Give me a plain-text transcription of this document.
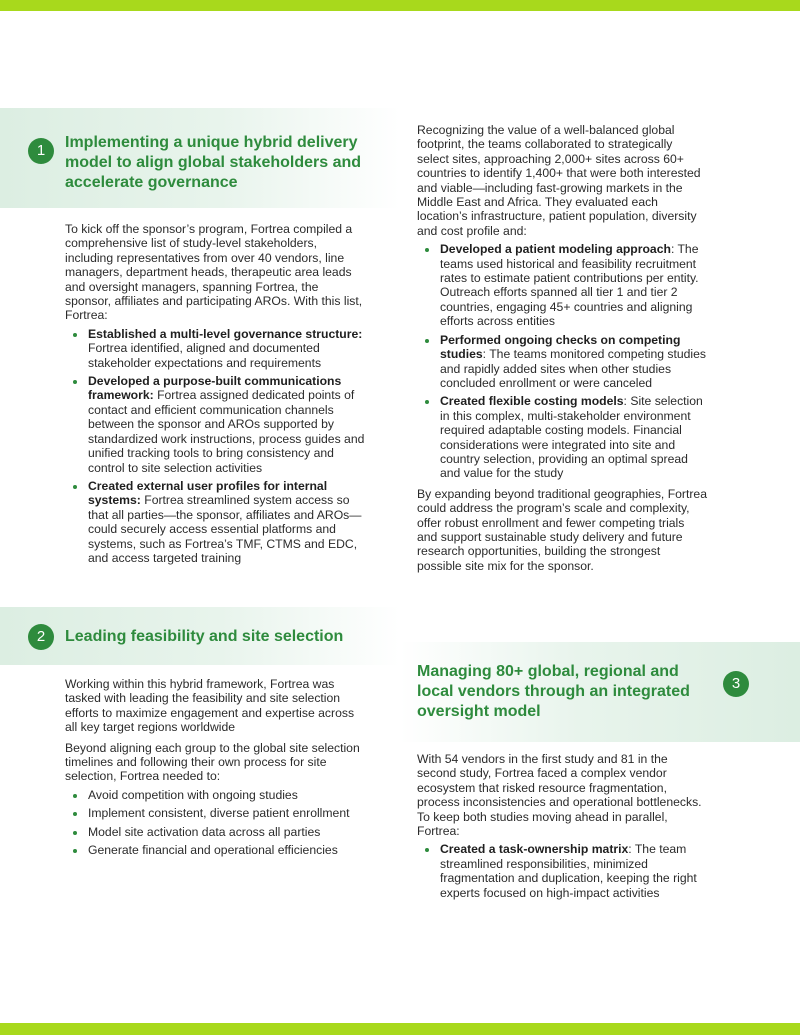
1	Implementing a unique hybrid delivery model to align global stakeholders and accelerate governance

To kick off the sponsor’s program, Fortrea compiled a comprehensive list of study-level stakeholders, including representatives from over 40 vendors, line managers, department heads, therapeutic area leads and oversight managers, spanning Fortrea, the sponsor, affiliates and participating AROs. With this list, Fortrea:

Established a multi-level governance structure: Fortrea identified, aligned and documented stakeholder expectations and requirements
Developed a purpose-built communications framework: Fortrea assigned dedicated points of contact and efficient communication channels between the sponsor and AROs supported by standardized work instructions, process guides and unified tracking tools to bring consistency and control to site selection activities
Created external user profiles for internal systems: Fortrea streamlined system access so that all parties—the sponsor, affiliates and AROs—could securely access essential platforms and systems, such as Fortrea’s TMF, CTMS and EDC, and access targeted training
2	Leading feasibility and site selection

Working within this hybrid framework, Fortrea was tasked with leading the feasibility and site selection efforts to maximize engagement and expertise across all key target regions worldwide

Beyond aligning each group to the global site selection timelines and following their own process for site selection, Fortrea needed to:

Avoid competition with ongoing studies
Implement consistent, diverse patient enrollment
Model site activation data across all parties
Generate financial and operational efficiencies

Recognizing the value of a well-balanced global footprint, the teams collaborated to strategically select sites, approaching 2,000+ sites across 60+ countries to identify 1,400+ that were both interested and viable—including fast-growing markets in the Middle East and Africa. They evaluated each location’s infrastructure, patient population, diversity and cost profile and:

Developed a patient modeling approach: The teams used historical and feasibility recruitment rates to estimate patient contributions per entity. Outreach efforts spanned all tier 1 and tier 2 countries, engaging 45+ countries and aligning efforts across entities
Performed ongoing checks on competing studies: The teams monitored competing studies and rapidly added sites when other studies concluded enrollment or were canceled
Created flexible costing models: Site selection in this complex, multi-stakeholder environment required adaptable costing models. Financial considerations were integrated into site and country selection, providing an optimal spread and value for the study

By expanding beyond traditional geographies, Fortrea could address the program’s scale and complexity, offer robust enrollment and fewer competing trials and support sustainable study delivery and future research opportunities, building the strongest possible site mix for the sponsor.

Managing 80+ global, regional and local vendors through an integrated oversight model
3

With 54 vendors in the first study and 81 in the second study, Fortrea faced a complex vendor ecosystem that risked resource fragmentation, process inconsistencies and operational bottlenecks. To keep both studies moving ahead in parallel, Fortrea:

Created a task-ownership matrix: The team streamlined responsibilities, minimized fragmentation and duplication, keeping the right experts focused on high-impact activities
